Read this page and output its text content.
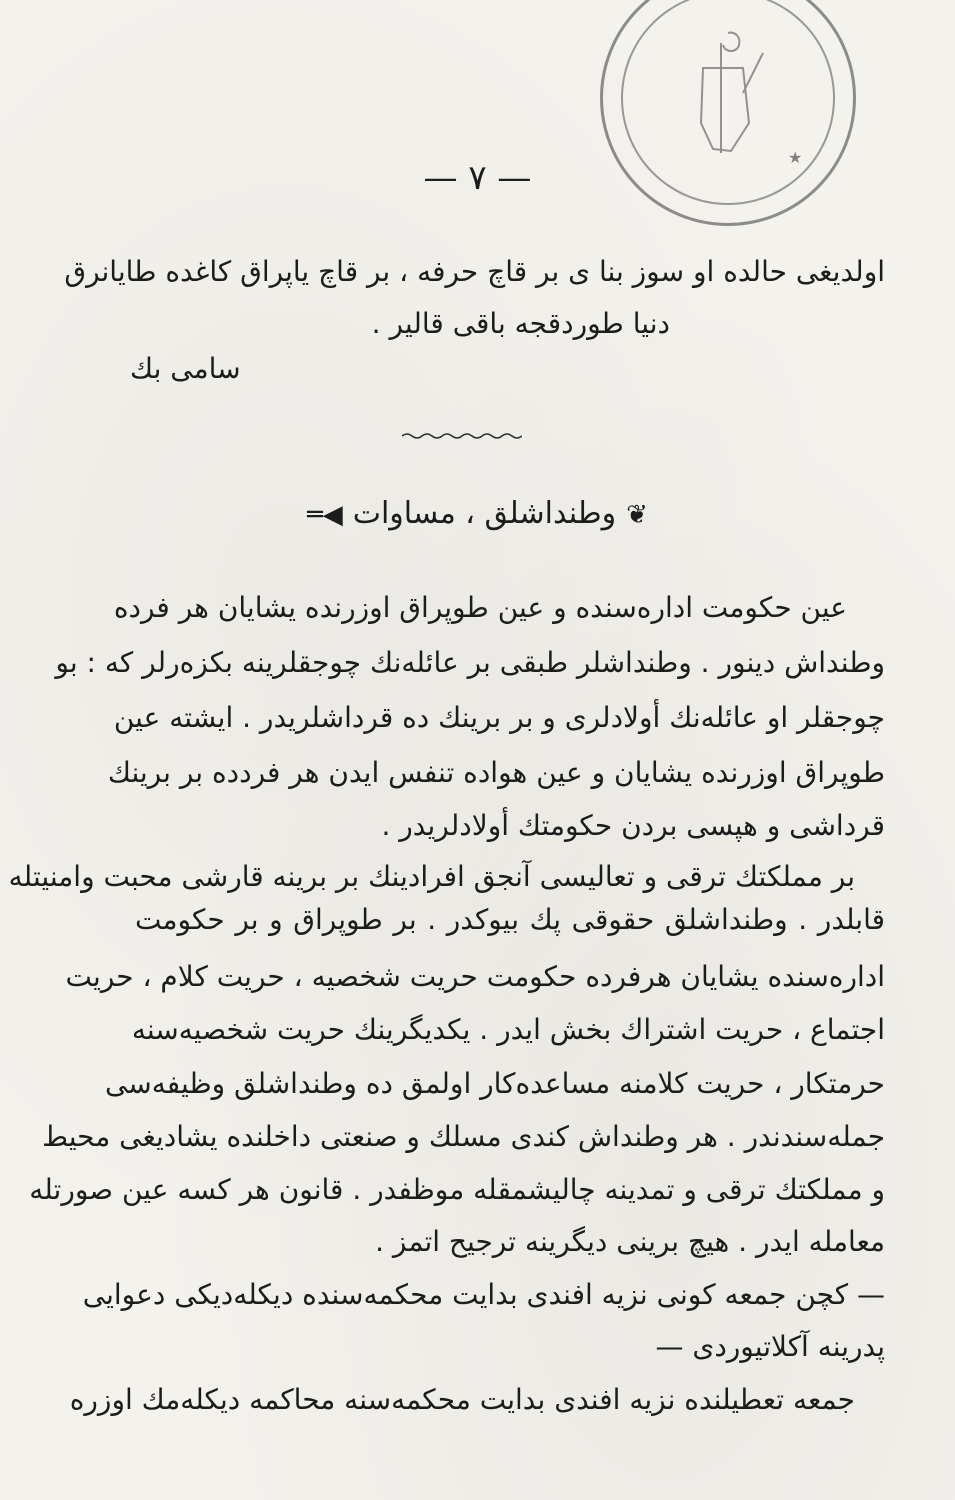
★
— ٧ —
اولدیغی حالده او سوز بنا ی بر قاچ حرفه ، بر قاچ یاپراق کاغده طایانرق
دنیا طوردقجه باقی قالیر .
سامی بك
❦وطنداشلق ، مساوات◀═
عین حکومت اداره‌سنده و عین طوپراق اوزرنده یشایان هر فرده
وطنداش دینور . وطنداشلر طبقی بر عائله‌نك چوجقلرینه بکزه‌رلر که : بو
چوجقلر او عائله‌نك أولادلری و بر برینك ده قرداشلریدر . ایشته عین
طوپراق اوزرنده یشایان و عین هواده تنفس ایدن هر فردده بر برینك
قرداشی و هپسی بردن حکومتك أولادلریدر .
بر مملکتك ترقی و تعالیسی آنجق افرادینك بر برینه قارشی محبت وامنیتله
قابلدر . وطنداشلق حقوقی پك بیوکدر . بر طوپراق و بر حکومت
اداره‌سنده یشایان هرفرده حکومت حریت شخصیه ، حریت کلام ، حریت
اجتماع ، حریت اشتراك بخش ایدر . یکدیگرینك حریت شخصیه‌سنه
حرمتکار ، حریت کلامنه مساعده‌کار اولمق ده وطنداشلق وظیفه‌سی
جمله‌سندندر . هر وطنداش کندی مسلك و صنعتی داخلنده یشادیغی محیط
و مملکتك ترقی و تمدینه چالیشمقله موظفدر . قانون هر کسه عین صورتله
معامله ایدر . هیچ برینی دیگرینه ترجیح اتمز .
— کچن جمعه کونی نزیه افندی بدایت محکمه‌سنده دیکله‌دیکی دعوایی
پدرینه آکلاتیوردی —
جمعه تعطیلنده نزیه افندی بدایت محکمه‌سنه محاکمه دیکله‌مك اوزره
